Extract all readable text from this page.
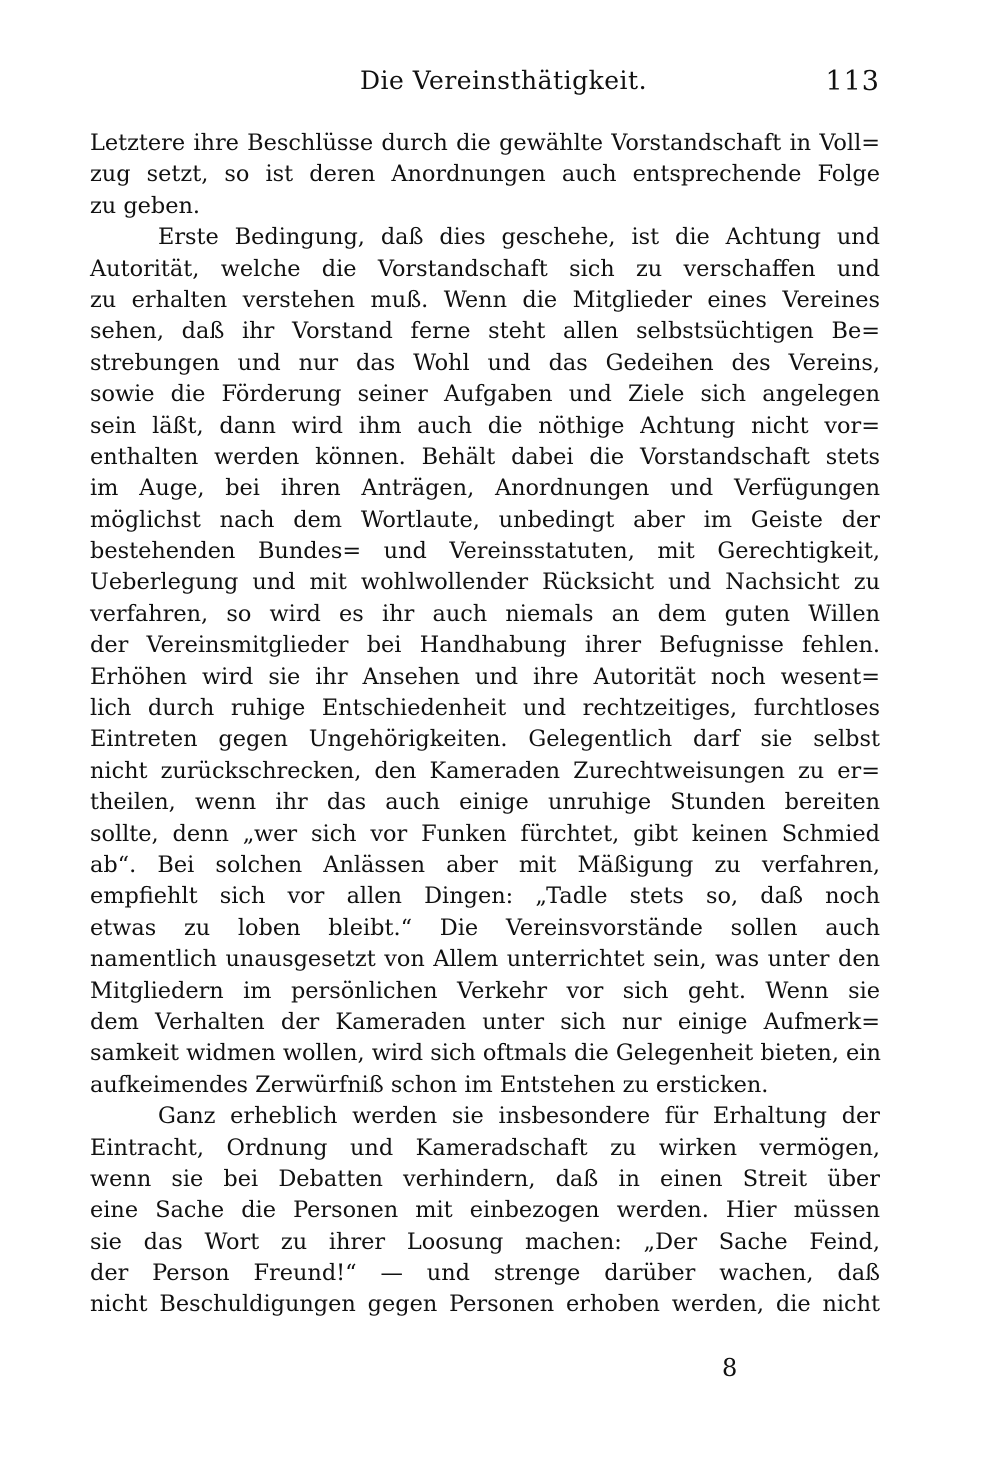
Die Vereinsthätigkeit.	113
Letztere ihre Beschlüsse durch die gewählte Vorstandschaft in Voll=
zug setzt, so ist deren Anordnungen auch entsprechende Folge
zu geben.
Erste Bedingung, daß dies geschehe, ist die Achtung und
Autorität, welche die Vorstandschaft sich zu verschaffen und
zu erhalten verstehen muß. Wenn die Mitglieder eines Vereines
sehen, daß ihr Vorstand ferne steht allen selbstsüchtigen Be=
strebungen und nur das Wohl und das Gedeihen des Vereins,
sowie die Förderung seiner Aufgaben und Ziele sich angelegen
sein läßt, dann wird ihm auch die nöthige Achtung nicht vor=
enthalten werden können. Behält dabei die Vorstandschaft stets
im Auge, bei ihren Anträgen, Anordnungen und Verfügungen
möglichst nach dem Wortlaute, unbedingt aber im Geiste der
bestehenden Bundes= und Vereinsstatuten, mit Gerechtigkeit,
Ueberlegung und mit wohlwollender Rücksicht und Nachsicht zu
verfahren, so wird es ihr auch niemals an dem guten Willen
der Vereinsmitglieder bei Handhabung ihrer Befugnisse fehlen.
Erhöhen wird sie ihr Ansehen und ihre Autorität noch wesent=
lich durch ruhige Entschiedenheit und rechtzeitiges, furchtloses
Eintreten gegen Ungehörigkeiten. Gelegentlich darf sie selbst
nicht zurückschrecken, den Kameraden Zurechtweisungen zu er=
theilen, wenn ihr das auch einige unruhige Stunden bereiten
sollte, denn „wer sich vor Funken fürchtet, gibt keinen Schmied
ab“. Bei solchen Anlässen aber mit Mäßigung zu verfahren,
empfiehlt sich vor allen Dingen: „Tadle stets so, daß noch
etwas zu loben bleibt.“ Die Vereinsvorstände sollen auch
namentlich unausgesetzt von Allem unterrichtet sein, was unter den
Mitgliedern im persönlichen Verkehr vor sich geht. Wenn sie
dem Verhalten der Kameraden unter sich nur einige Aufmerk=
samkeit widmen wollen, wird sich oftmals die Gelegenheit bieten, ein
aufkeimendes Zerwürfniß schon im Entstehen zu ersticken.
Ganz erheblich werden sie insbesondere für Erhaltung der
Eintracht, Ordnung und Kameradschaft zu wirken vermögen,
wenn sie bei Debatten verhindern, daß in einen Streit über
eine Sache die Personen mit einbezogen werden. Hier müssen
sie das Wort zu ihrer Loosung machen: „Der Sache Feind,
der Person Freund!“ — und strenge darüber wachen, daß
nicht Beschuldigungen gegen Personen erhoben werden, die nicht
8
